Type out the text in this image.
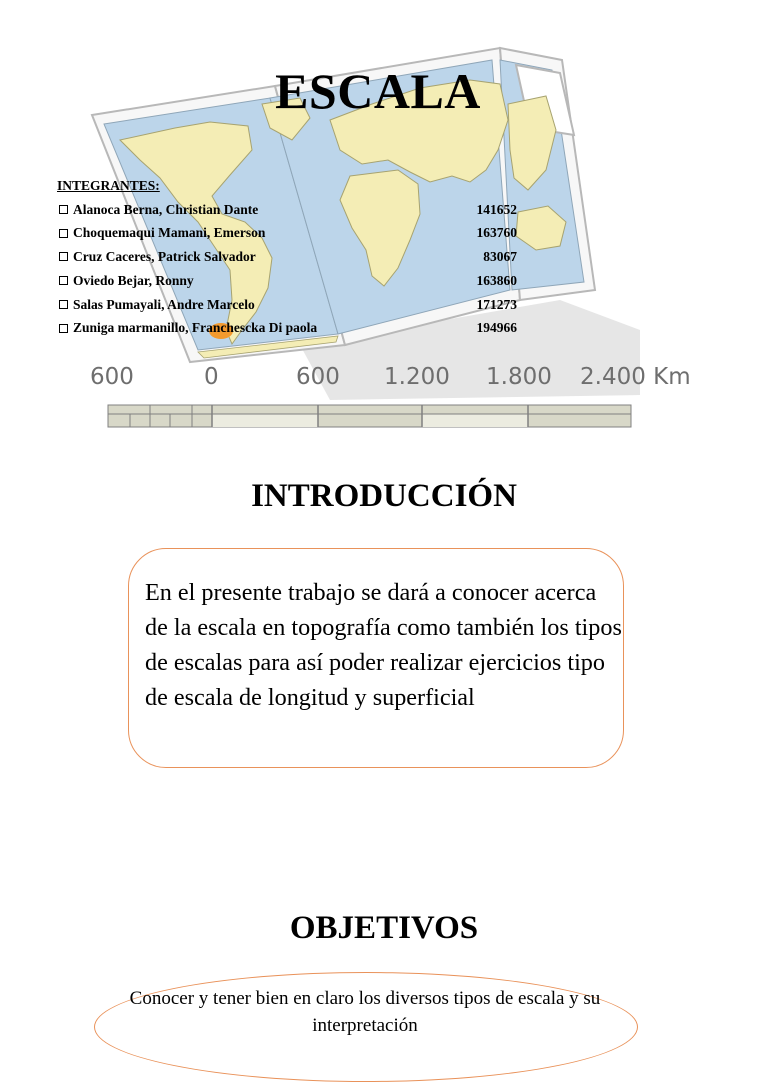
ESCALA
INTEGRANTES:
Alanoca Berna, Christian Dante	141652
Choquemaqui Mamani, Emerson	163760
Cruz Caceres, Patrick Salvador	83067
Oviedo Bejar, Ronny	163860
Salas Pumayali, Andre Marcelo	171273
Zuniga marmanillo, Franchescka Di paola	194966
600	0	600 1.200 1.800 2.400 Km
INTRODUCCIÓN
En el presente trabajo se dará a conocer acerca de la escala en topografía como también los tipos de escalas para así poder realizar ejercicios tipo de escala de longitud y superficial
OBJETIVOS
Conocer y tener bien en claro los diversos tipos de escala y su interpretación
